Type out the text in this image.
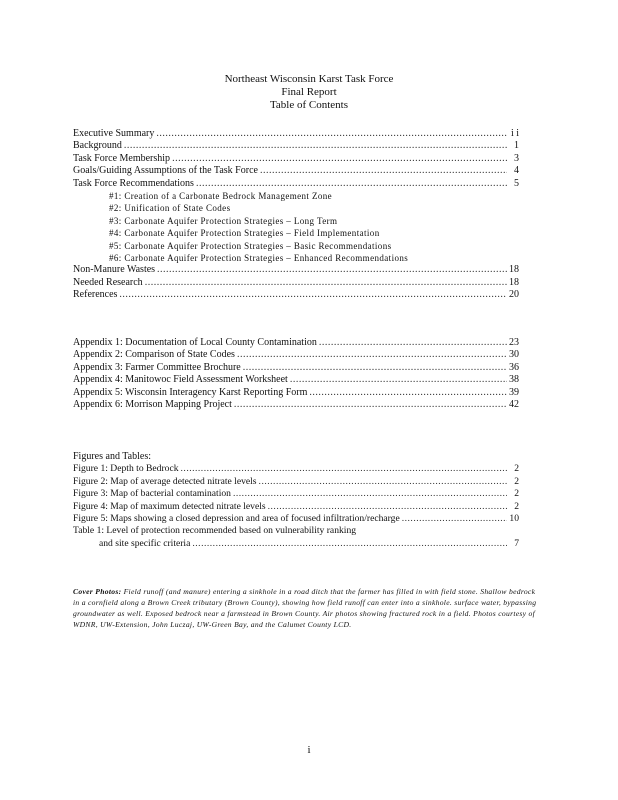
Northeast Wisconsin Karst Task Force
Final Report
Table of Contents
Executive Summary .....	i i
Background .....	1
Task Force Membership .....	3
Goals/Guiding Assumptions of the Task Force .....	4
Task Force Recommendations .....	5
#1: Creation of a Carbonate Bedrock Management Zone
#2: Unification of State Codes
#3: Carbonate Aquifer Protection Strategies – Long Term
#4: Carbonate Aquifer Protection Strategies – Field Implementation
#5: Carbonate Aquifer Protection Strategies – Basic Recommendations
#6: Carbonate Aquifer Protection Strategies – Enhanced Recommendations
Non-Manure Wastes .....	18
Needed Research .....	18
References .....	20
Appendix 1: Documentation of Local County Contamination .....	23
Appendix 2: Comparison of State Codes .....	30
Appendix 3: Farmer Committee Brochure .....	36
Appendix 4: Manitowoc Field Assessment Worksheet .....	38
Appendix 5: Wisconsin Interagency Karst Reporting Form .....	39
Appendix 6: Morrison Mapping Project .....	42
Figures and Tables:
Figure 1: Depth to Bedrock .....	2
Figure 2: Map of average detected nitrate levels .....	2
Figure 3: Map of bacterial contamination .....	2
Figure 4: Map of maximum detected nitrate levels .....	2
Figure 5: Maps showing a closed depression and area of focused infiltration/recharge .....	10
Table 1: Level of protection recommended based on vulnerability ranking
and site specific criteria .....	7
Cover Photos: Field runoff (and manure) entering a sinkhole in a road ditch that the farmer has filled in with field stone. Shallow bedrock in a cornfield along a Brown Creek tributary (Brown County), showing how field runoff can enter into a sinkhole. surface water, bypassing groundwater as well. Exposed bedrock near a farmstead in Brown County. Air photos showing fractured rock in a field. Photos courtesy of WDNR, UW-Extension, John Luczaj, UW-Green Bay, and the Calumet County LCD.
i
